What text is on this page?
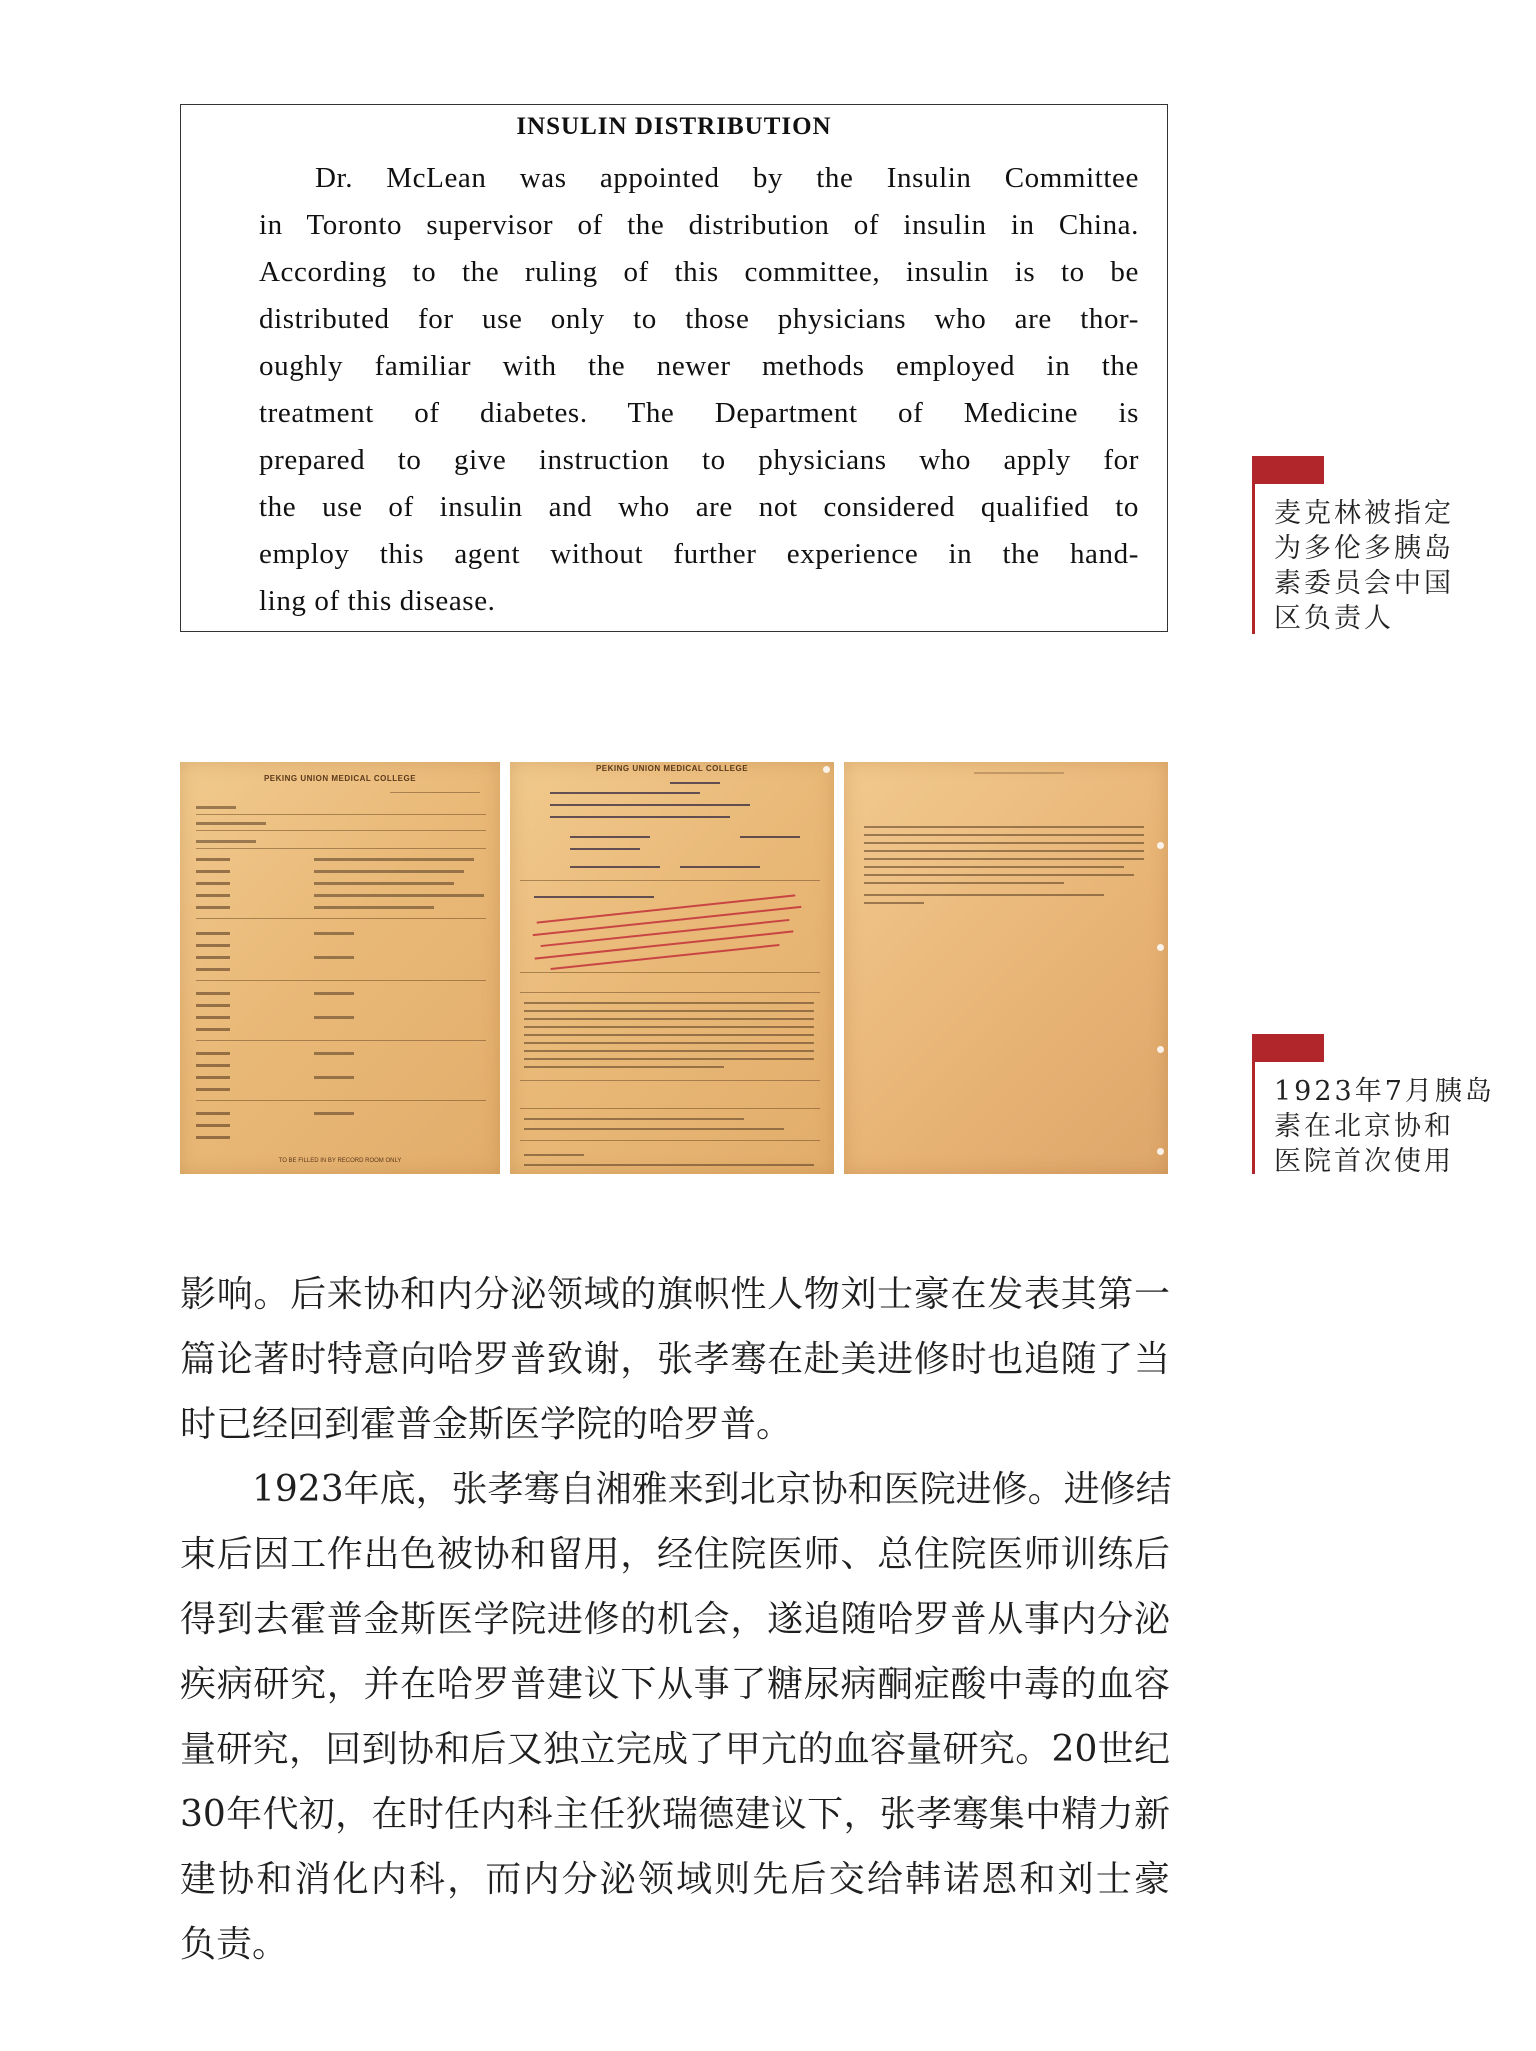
INSULIN DISTRIBUTION
Dr. McLean was appointed by the Insulin Committee
in Toronto supervisor of the distribution of insulin in China.
According to the ruling of this committee, insulin is to be
distributed for use only to those physicians who are thor-
oughly familiar with the newer methods employed in the
treatment of diabetes. The Department of Medicine is
prepared to give instruction to physicians who apply for
the use of insulin and who are not considered qualified to
employ this agent without further experience in the hand-
ling of this disease.
麦克林被指定
为多伦多胰岛
素委员会中国
区负责人
PEKING UNION MEDICAL COLLEGE
TO BE FILLED IN BY RECORD ROOM ONLY
PEKING UNION MEDICAL COLLEGE
1923年7月胰岛
素在北京协和
医院首次使用
影响。后来协和内分泌领域的旗帜性人物刘士豪在发表其第一
篇论著时特意向哈罗普致谢，张孝骞在赴美进修时也追随了当
时已经回到霍普金斯医学院的哈罗普。
1923年底，张孝骞自湘雅来到北京协和医院进修。进修结
束后因工作出色被协和留用，经住院医师、总住院医师训练后
得到去霍普金斯医学院进修的机会，遂追随哈罗普从事内分泌
疾病研究，并在哈罗普建议下从事了糖尿病酮症酸中毒的血容
量研究，回到协和后又独立完成了甲亢的血容量研究。20世纪
30年代初，在时任内科主任狄瑞德建议下，张孝骞集中精力新
建协和消化内科，而内分泌领域则先后交给韩诺恩和刘士豪
负责。
